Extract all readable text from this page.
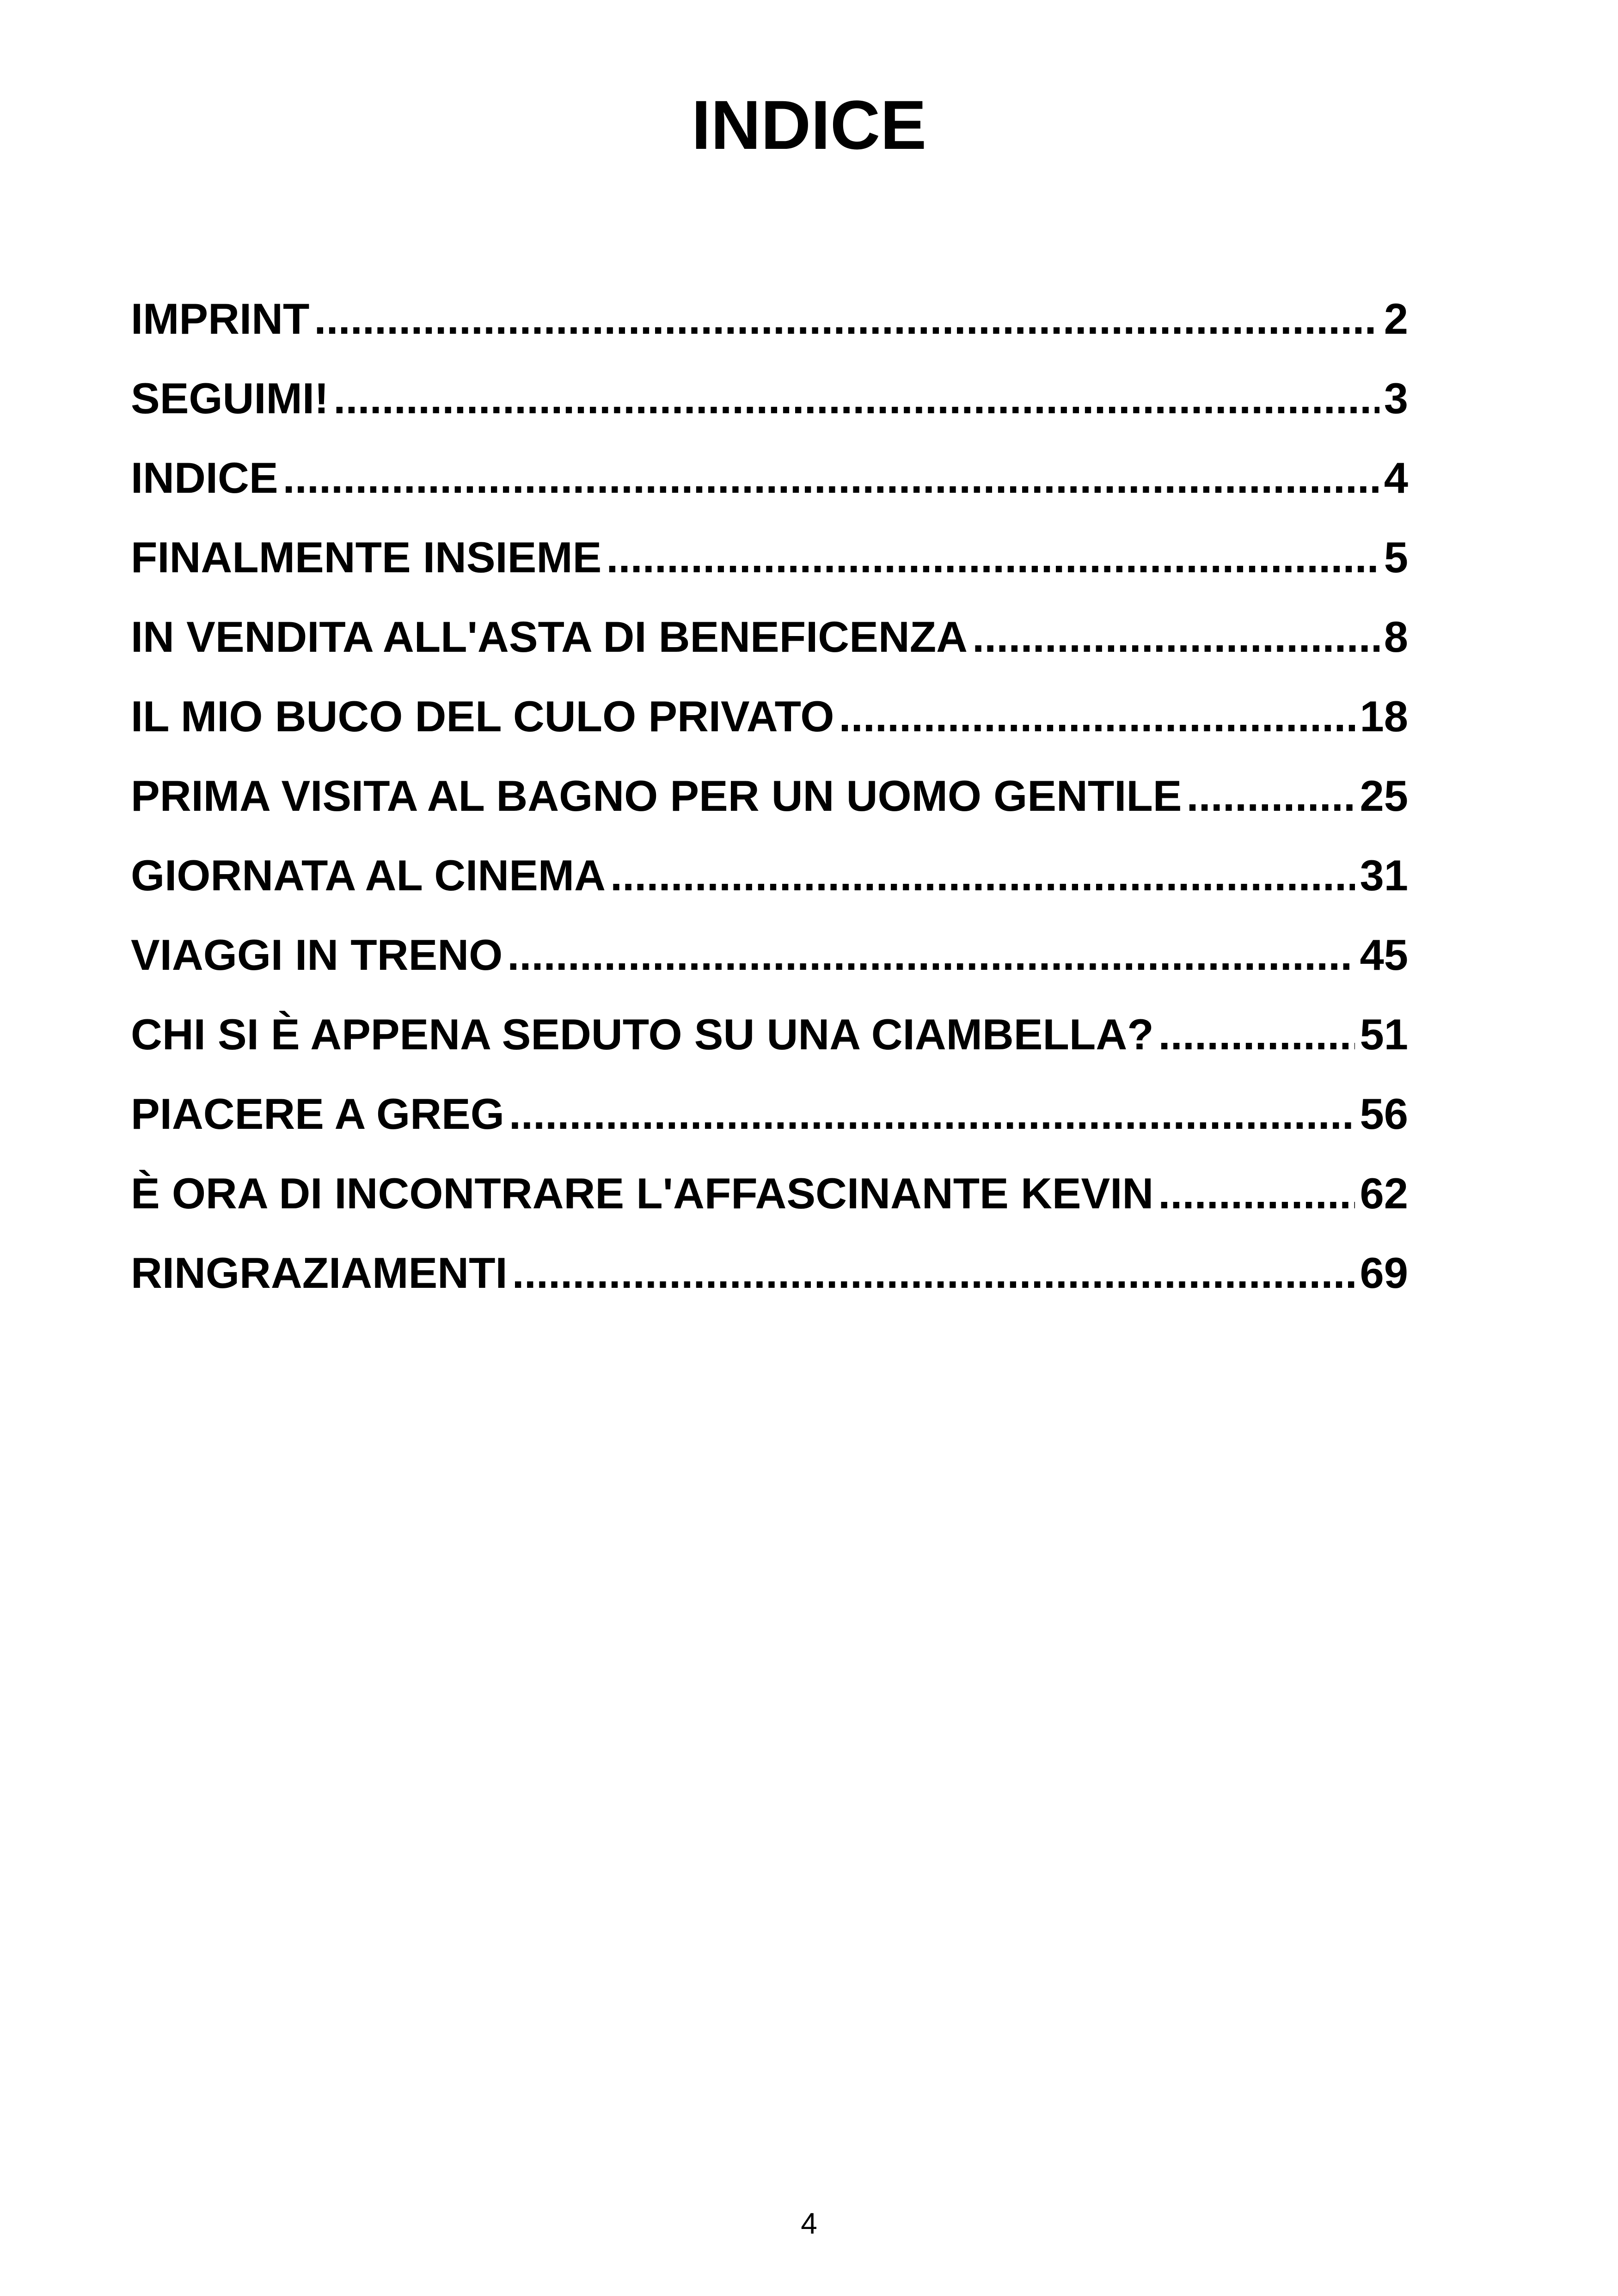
INDICE
IMPRINT .....	2
SEGUIMI! .....	3
INDICE .....	4
FINALMENTE INSIEME .....	5
IN VENDITA ALL'ASTA DI BENEFICENZA .....	8
IL MIO BUCO DEL CULO PRIVATO .....	18
PRIMA VISITA AL BAGNO PER UN UOMO GENTILE .....	25
GIORNATA AL CINEMA .....	31
VIAGGI IN TRENO .....	45
CHI SI È APPENA SEDUTO SU UNA CIAMBELLA? .....	51
PIACERE A GREG .....	56
È ORA DI INCONTRARE L'AFFASCINANTE KEVIN .....	62
RINGRAZIAMENTI .....	69
4
